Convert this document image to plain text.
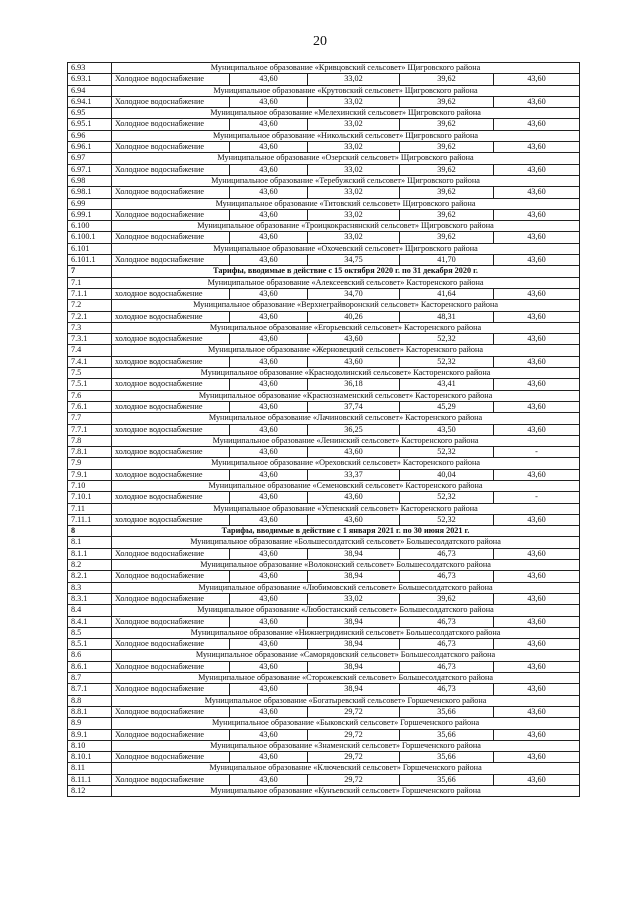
20
6.93	Муниципальное образование «Кривцовский сельсовет» Щигровского района				
6.93.1	Холодное водоснабжение	43,60	33,02	39,62	43,60
6.94	Муниципальное образование «Крутовский сельсовет» Щигровского района				
6.94.1	Холодное водоснабжение	43,60	33,02	39,62	43,60
6.95	Муниципальное образование «Мелехинский сельсовет» Щигровского района				
6.95.1	Холодное водоснабжение	43,60	33,02	39,62	43,60
6.96	Муниципальное образование «Никольский сельсовет» Щигровского района				
6.96.1	Холодное водоснабжение	43,60	33,02	39,62	43,60
6.97	Муниципальное образование «Озерский сельсовет» Щигровского района				
6.97.1	Холодное водоснабжение	43,60	33,02	39,62	43,60
6.98	Муниципальное образование «Теребужский сельсовет» Щигровского района				
6.98.1	Холодное водоснабжение	43,60	33,02	39,62	43,60
6.99	Муниципальное образование «Титовский сельсовет» Щигровского района				
6.99.1	Холодное водоснабжение	43,60	33,02	39,62	43,60
6.100	Муниципальное образование «Троицкокраснянский сельсовет» Щигровского района				
6.100.1	Холодное водоснабжение	43,60	33,02	39,62	43,60
6.101	Муниципальное образование «Охочевский сельсовет» Щигровского района				
6.101.1	Холодное водоснабжение	43,60	34,75	41,70	43,60
7	Тарифы, вводимые в действие с 15 октября 2020 г. по 31 декабря 2020 г.				
7.1	Муниципальное образование «Алексеевский сельсовет» Касторенского района				
7.1.1	холодное водоснабжение	43,60	34,70	41,64	43,60
7.2	Муниципальное образование «Верхнеграйворонский сельсовет» Касторенского района				
7.2.1	холодное водоснабжение	43,60	40,26	48,31	43,60
7.3	Муниципальное образование «Егорьевский сельсовет» Касторенского района				
7.3.1	холодное водоснабжение	43,60	43,60	52,32	43,60
7.4	Муниципальное образование «Жерновецкий сельсовет» Касторенского района				
7.4.1	холодное водоснабжение	43,60	43,60	52,32	43,60
7.5	Муниципальное образование «Краснодолинский сельсовет» Касторенского района				
7.5.1	холодное водоснабжение	43,60	36,18	43,41	43,60
7.6	Муниципальное образование «Краснознаменский сельсовет» Касторенского района				
7.6.1	холодное водоснабжение	43,60	37,74	45,29	43,60
7.7	Муниципальное образование «Лачиновский сельсовет» Касторенского района				
7.7.1	холодное водоснабжение	43,60	36,25	43,50	43,60
7.8	Муниципальное образование «Ленинский сельсовет» Касторенского района				
7.8.1	холодное водоснабжение	43,60	43,60	52,32	-
7.9	Муниципальное образование «Ореховский сельсовет» Касторенского района				
7.9.1	холодное водоснабжение	43,60	33,37	40,04	43,60
7.10	Муниципальное образование «Семеновский сельсовет» Касторенского района				
7.10.1	холодное водоснабжение	43,60	43,60	52,32	-
7.11	Муниципальное образование «Успенский сельсовет» Касторенского района				
7.11.1	холодное водоснабжение	43,60	43,60	52,32	43,60
8	Тарифы, вводимые в действие с 1 января 2021 г. по 30 июня 2021 г.				
8.1	Муниципальное образование «Большесолдатский сельсовет» Большесолдатского района				
8.1.1	Холодное водоснабжение	43,60	38,94	46,73	43,60
8.2	Муниципальное образование «Волоконский сельсовет» Большесолдатского района				
8.2.1	Холодное водоснабжение	43,60	38,94	46,73	43,60
8.3	Муниципальное образование «Любимовский сельсовет» Большесолдатского района				
8.3.1	Холодное водоснабжение	43,60	33,02	39,62	43,60
8.4	Муниципальное образование «Любостанский сельсовет» Большесолдатского района				
8.4.1	Холодное водоснабжение	43,60	38,94	46,73	43,60
8.5	Муниципальное образование «Нижнегридинский сельсовет» Большесолдатского района				
8.5.1	Холодное водоснабжение	43,60	38,94	46,73	43,60
8.6	Муниципальное образование «Саморядовский сельсовет» Большесолдатского района				
8.6.1	Холодное водоснабжение	43,60	38,94	46,73	43,60
8.7	Муниципальное образование «Сторожевский сельсовет» Большесолдатского района				
8.7.1	Холодное водоснабжение	43,60	38,94	46,73	43,60
8.8	Муниципальное образование «Богатыревский сельсовет» Горшеченского района				
8.8.1	Холодное водоснабжение	43,60	29,72	35,66	43,60
8.9	Муниципальное образование «Быковский сельсовет» Горшеченского района				
8.9.1	Холодное водоснабжение	43,60	29,72	35,66	43,60
8.10	Муниципальное образование «Знаменский сельсовет» Горшеченского района				
8.10.1	Холодное водоснабжение	43,60	29,72	35,66	43,60
8.11	Муниципальное образование «Ключевский сельсовет» Горшеченского района				
8.11.1	Холодное водоснабжение	43,60	29,72	35,66	43,60
8.12	Муниципальное образование «Кунъевский сельсовет» Горшеченского района				
